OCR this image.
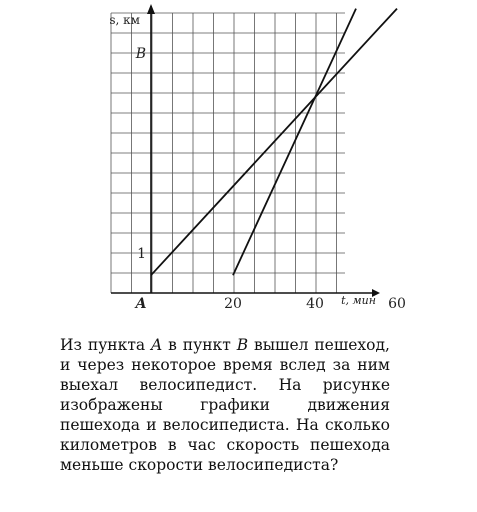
s, км
t, мин
1
B
20	40	60
A

Из пункта A в пункт B вышел пешеход, и через некоторое время вслед за ним выехал велосипедист. На рисунке изображены графики движения пешехода и велосипедиста. На сколько километров в час скорость пешехода меньше скорости велосипедиста?
